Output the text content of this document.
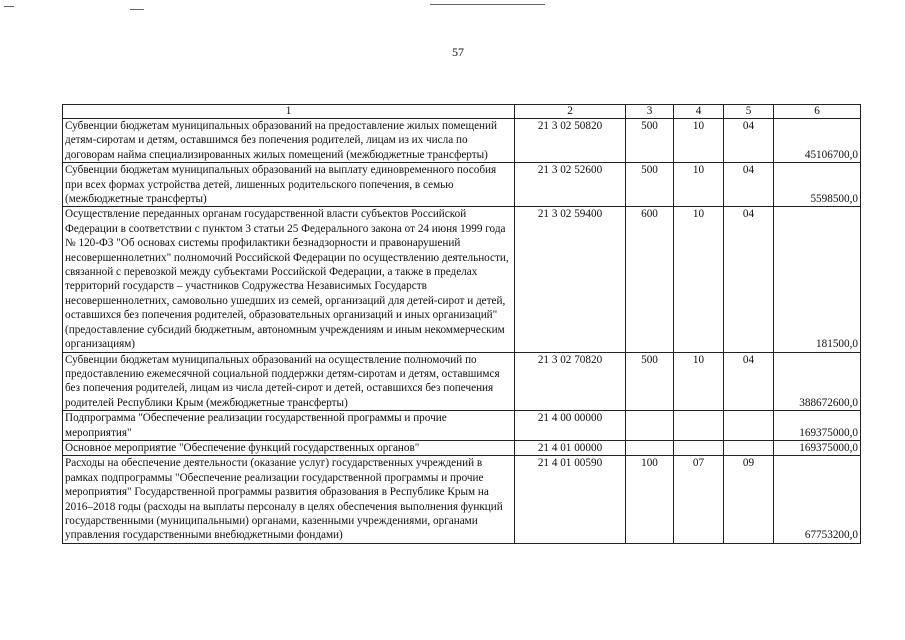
57
1	2	3	4	5	6
Субвенции бюджетам муниципальных образований на предоставление жилых помещений детям-сиротам и детям, оставшимся без попечения родителей, лицам из их числа по договорам найма специализированных жилых помещений (межбюджетные трансферты)	21 3 02 50820	500	10	04	45106700,0
Субвенции бюджетам муниципальных образований на выплату единовременного пособия при всех формах устройства детей, лишенных родительского попечения, в семью (межбюджетные трансферты)	21 3 02 52600	500	10	04	5598500,0
Осуществление переданных органам государственной власти субъектов Российской Федерации в соответствии с пунктом 3 статьи 25 Федерального закона от 24 июня 1999 года № 120-ФЗ "Об основах системы профилактики безнадзорности и правонарушений несовершеннолетних" полномочий Российской Федерации по осуществлению деятельности, связанной с перевозкой между субъектами Российской Федерации, а также в пределах территорий государств – участников Содружества Независимых Государств несовершеннолетних, самовольно ушедших из семей, организаций для детей-сирот и детей, оставшихся без попечения родителей, образовательных организаций и иных организаций" (предоставление субсидий бюджетным, автономным учреждениям и иным некоммерческим организациям)	21 3 02 59400	600	10	04	181500,0
Субвенции бюджетам муниципальных образований на осуществление полномочий по предоставлению ежемесячной социальной поддержки детям-сиротам и детям, оставшимся без попечения родителей, лицам из числа детей-сирот и детей, оставшихся без попечения родителей Республики Крым (межбюджетные трансферты)	21 3 02 70820	500	10	04	388672600,0
Подпрограмма "Обеспечение реализации государственной программы и прочие мероприятия"	21 4 00 00000				169375000,0
Основное мероприятие "Обеспечение функций государственных органов"	21 4 01 00000				169375000,0
Расходы на обеспечение деятельности (оказание услуг) государственных учреждений в рамках подпрограммы "Обеспечение реализации государственной программы и прочие мероприятия" Государственной программы развития образования в Республике Крым на 2016–2018 годы (расходы на выплаты персоналу в целях обеспечения выполнения функций государственными (муниципальными) органами, казенными учреждениями, органами управления государственными внебюджетными фондами)	21 4 01 00590	100	07	09	67753200,0
